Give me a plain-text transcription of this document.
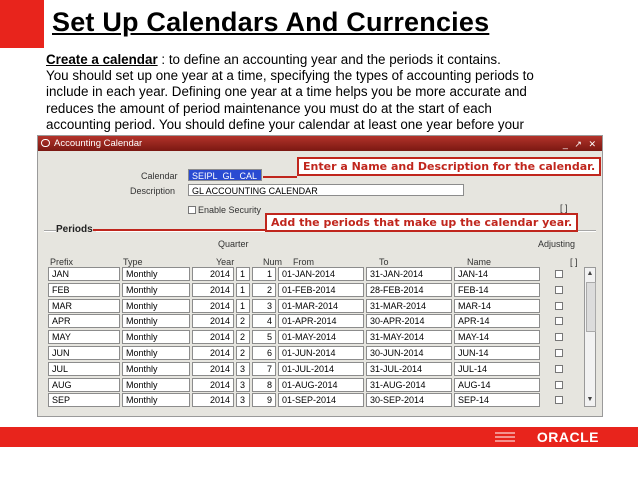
Set Up Calendars And Currencies
Create a calendar : to define an accounting year and the periods it contains.
You should set up one year at a time, specifying the types of accounting periods to
include in each year. Defining one year at a time helps you be more accurate and
reduces the amount of period maintenance you must do at the start of each
accounting period. You should define your calendar at least one year before your
Accounting Calendar	_ ↗ ✕
Calendar	SEIPL_GL_CAL
Description	GL ACCOUNTING CALENDAR
Enable Security	[ ]
Periods
Quarter	Adjusting
Prefix	Type	Year	Num From	To	Name	[ ]
JAN	Monthly	2014	1	1	01-JAN-2014	31-JAN-2014	JAN-14
FEB	Monthly	2014	1	2	01-FEB-2014	28-FEB-2014	FEB-14
MAR	Monthly	2014	1	3	01-MAR-2014	31-MAR-2014	MAR-14
APR	Monthly	2014	2	4	01-APR-2014	30-APR-2014	APR-14
MAY	Monthly	2014	2	5	01-MAY-2014	31-MAY-2014	MAY-14
JUN	Monthly	2014	2	6	01-JUN-2014	30-JUN-2014	JUN-14
JUL	Monthly	2014	3	7	01-JUL-2014	31-JUL-2014	JUL-14
AUG	Monthly	2014	3	8	01-AUG-2014	31-AUG-2014	AUG-14
SEP	Monthly	2014	3	9	01-SEP-2014	30-SEP-2014	SEP-14
▲
▼
Enter a Name and Description for the calendar.
Add the periods that make up the calendar year.
ORACLE
